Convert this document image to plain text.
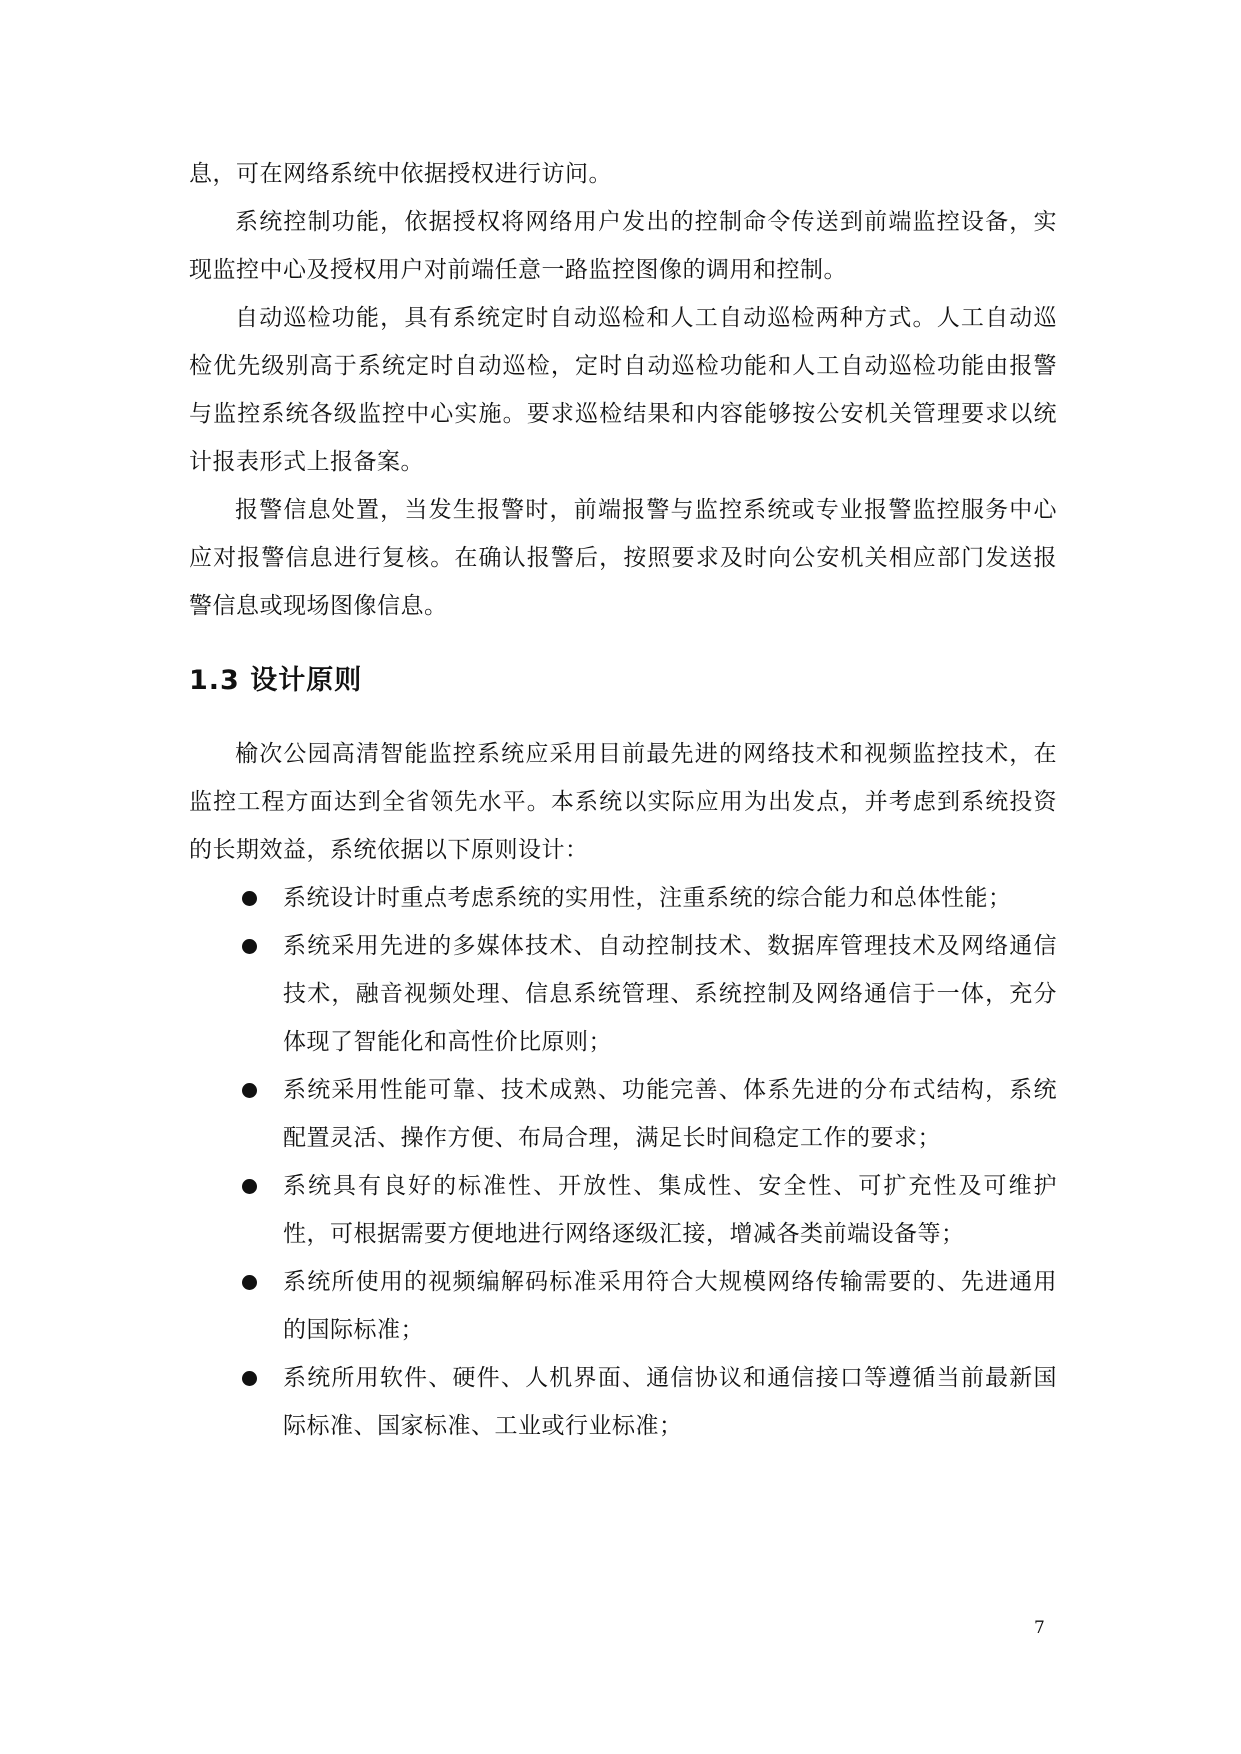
息，可在网络系统中依据授权进行访问。

系统控制功能，依据授权将网络用户发出的控制命令传送到前端监控设备，实现监控中心及授权用户对前端任意一路监控图像的调用和控制。

自动巡检功能，具有系统定时自动巡检和人工自动巡检两种方式。人工自动巡检优先级别高于系统定时自动巡检，定时自动巡检功能和人工自动巡检功能由报警与监控系统各级监控中心实施。要求巡检结果和内容能够按公安机关管理要求以统计报表形式上报备案。

报警信息处置，当发生报警时，前端报警与监控系统或专业报警监控服务中心应对报警信息进行复核。在确认报警后，按照要求及时向公安机关相应部门发送报警信息或现场图像信息。

1.3 设计原则

榆次公园高清智能监控系统应采用目前最先进的网络技术和视频监控技术，在监控工程方面达到全省领先水平。本系统以实际应用为出发点，并考虑到系统投资的长期效益，系统依据以下原则设计：

系统设计时重点考虑系统的实用性，注重系统的综合能力和总体性能；
系统采用先进的多媒体技术、自动控制技术、数据库管理技术及网络通信技术，融音视频处理、信息系统管理、系统控制及网络通信于一体，充分体现了智能化和高性价比原则；
系统采用性能可靠、技术成熟、功能完善、体系先进的分布式结构，系统配置灵活、操作方便、布局合理，满足长时间稳定工作的要求；
系统具有良好的标准性、开放性、集成性、安全性、可扩充性及可维护性，可根据需要方便地进行网络逐级汇接，增减各类前端设备等；
系统所使用的视频编解码标准采用符合大规模网络传输需要的、先进通用的国际标准；
系统所用软件、硬件、人机界面、通信协议和通信接口等遵循当前最新国际标准、国家标准、工业或行业标准；
7
